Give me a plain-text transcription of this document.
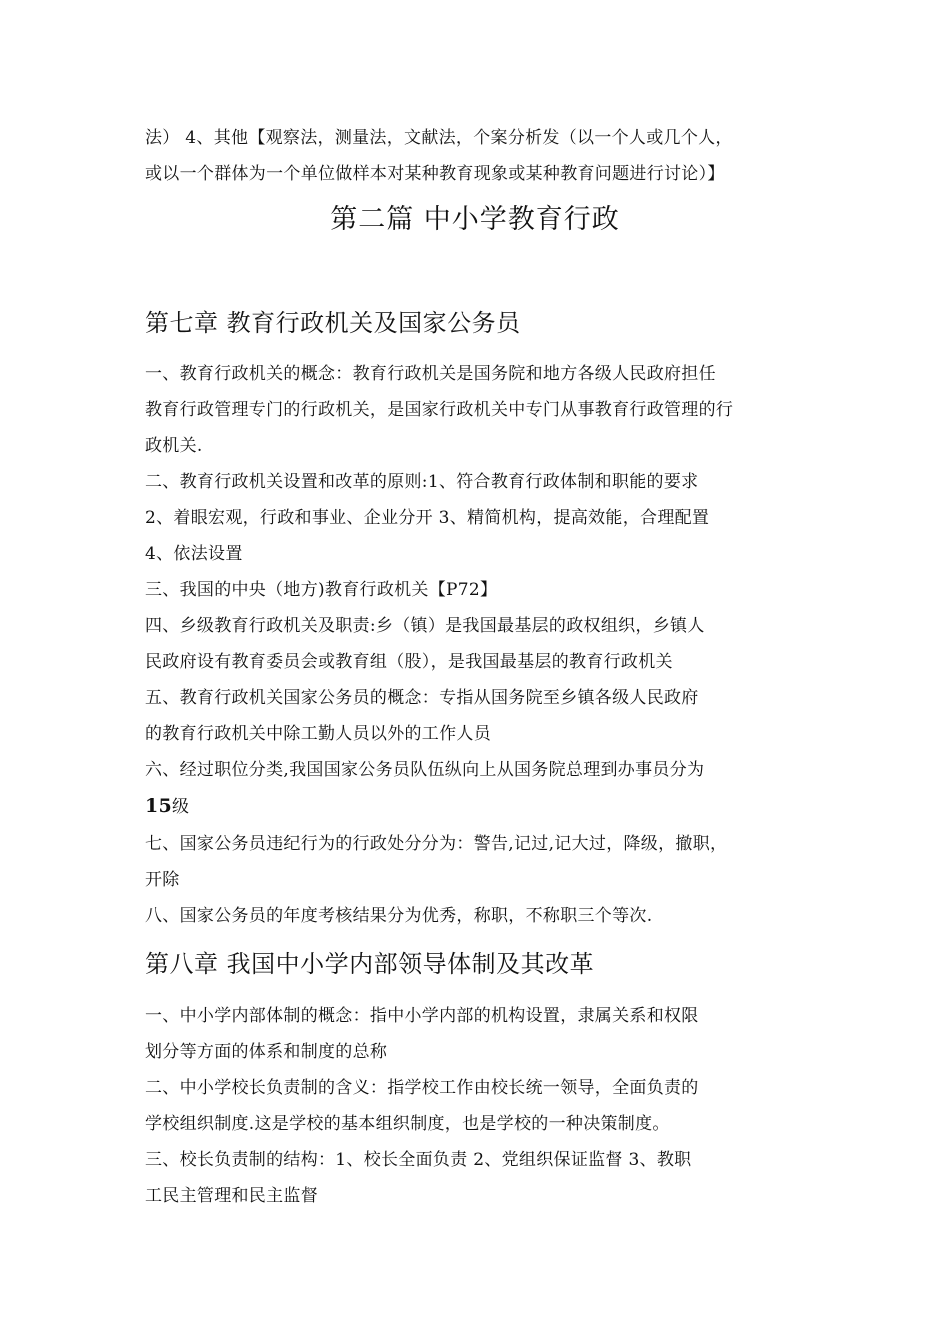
法） 4、其他【观察法，测量法，文献法，个案分析发（以一个人或几个人，
或以一个群体为一个单位做样本对某种教育现象或某种教育问题进行讨论）】
第二篇 中小学教育行政
第七章 教育行政机关及国家公务员
一、教育行政机关的概念：教育行政机关是国务院和地方各级人民政府担任
教育行政管理专门的行政机关，是国家行政机关中专门从事教育行政管理的行
政机关.
二、教育行政机关设置和改革的原则:1、符合教育行政体制和职能的要求
2、着眼宏观，行政和事业、企业分开 3、精简机构，提高效能，合理配置
4、依法设置
三、我国的中央（地方)教育行政机关【P72】
四、乡级教育行政机关及职责:乡（镇）是我国最基层的政权组织，乡镇人
民政府设有教育委员会或教育组（股），是我国最基层的教育行政机关
五、教育行政机关国家公务员的概念：专指从国务院至乡镇各级人民政府
的教育行政机关中除工勤人员以外的工作人员
六、经过职位分类,我国国家公务员队伍纵向上从国务院总理到办事员分为
15级
七、国家公务员违纪行为的行政处分分为：警告,记过,记大过，降级，撤职，
开除
八、国家公务员的年度考核结果分为优秀，称职，不称职三个等次.
第八章 我国中小学内部领导体制及其改革
一、中小学内部体制的概念：指中小学内部的机构设置，隶属关系和权限
划分等方面的体系和制度的总称
二、中小学校长负责制的含义：指学校工作由校长统一领导，全面负责的
学校组织制度.这是学校的基本组织制度，也是学校的一种决策制度。
三、校长负责制的结构：1、校长全面负责 2、党组织保证监督 3、教职
工民主管理和民主监督
